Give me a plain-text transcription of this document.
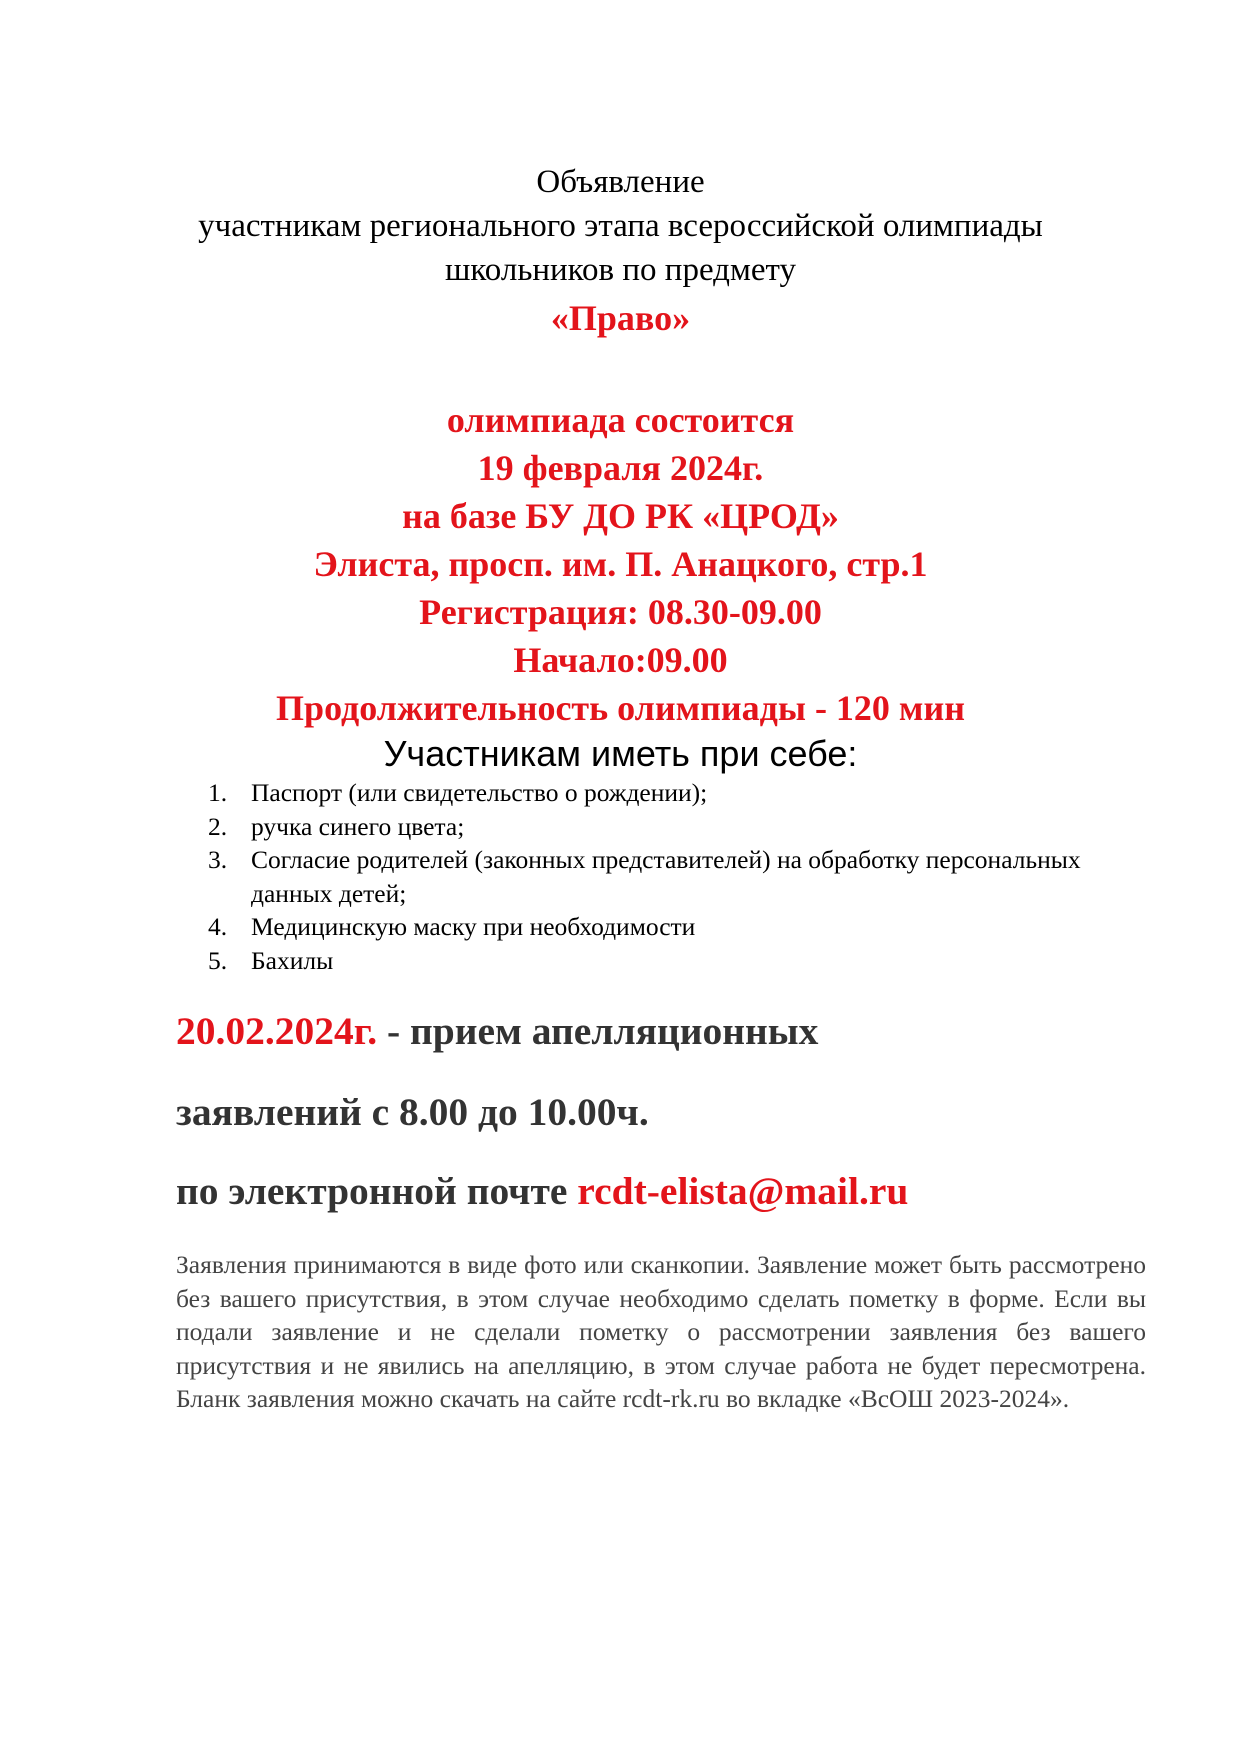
Объявление

участникам регионального этапа всероссийской олимпиады

школьников по предмету

«Право»

олимпиада состоится

19 февраля 2024г.

на базе БУ ДО РК «ЦРОД»

Элиста, просп. им. П. Анацкого, стр.1

Регистрация: 08.30-09.00

Начало:09.00

Продолжительность олимпиады - 120 мин

Участникам иметь при себе:

1. Паспорт (или свидетельство о рождении);
2. ручка синего цвета;
3. Согласие родителей (законных представителей) на обработку персональных данных детей;
4. Медицинскую маску при необходимости
5. Бахилы

20.02.2024г. - прием апелляционных

заявлений с 8.00 до 10.00ч.

по электронной почте rcdt-elista@mail.ru

Заявления принимаются в виде фото или сканкопии. Заявление может быть рассмотрено без вашего присутствия, в этом случае необходимо сделать пометку в форме. Если вы подали заявление и не сделали пометку о рассмотрении заявления без вашего присутствия и не явились на апелляцию, в этом случае работа не будет пересмотрена. Бланк заявления можно скачать на сайте rcdt-rk.ru во вкладке «ВсОШ 2023-2024».
